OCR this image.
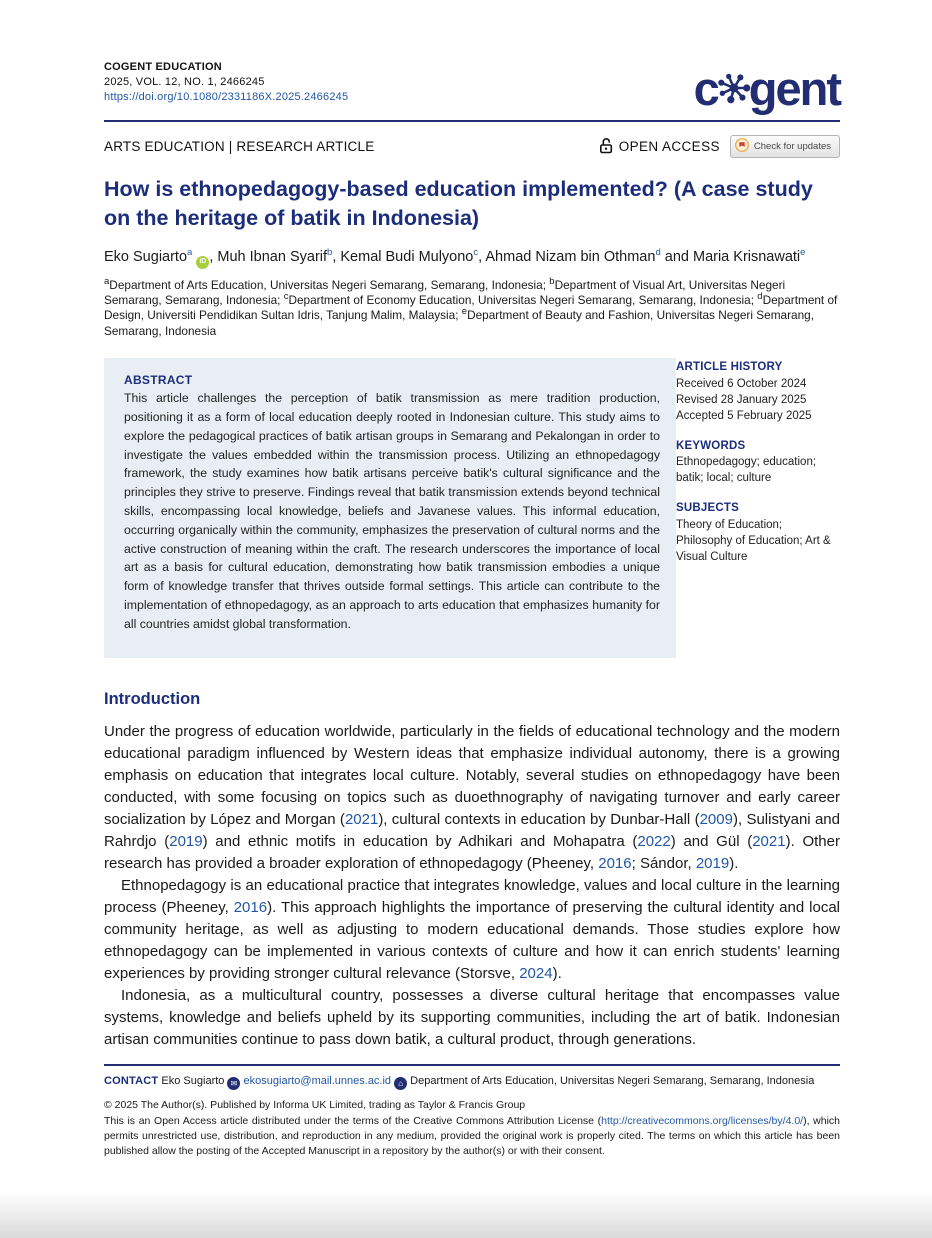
COGENT EDUCATION
2025, VOL. 12, NO. 1, 2466245
https://doi.org/10.1080/2331186X.2025.2466245	c gent
ARTS EDUCATION | RESEARCH ARTICLE	OPEN ACCESS	Check for updates
How is ethnopedagogy-based education implemented? (A case study on the heritage of batik in Indonesia)
Eko Sugiarto$^a$ iD , Muh Ibnan Syarif$^b$, Kemal Budi Mulyono$^c$, Ahmad Nizam bin Othman$^d$ and Maria Krisnawati$^e$
$^a$Department of Arts Education, Universitas Negeri Semarang, Semarang, Indonesia; $^b$Department of Visual Art, Universitas Negeri Semarang, Semarang, Indonesia; $^c$Department of Economy Education, Universitas Negeri Semarang, Semarang, Indonesia; $^d$Department of Design, Universiti Pendidikan Sultan Idris, Tanjung Malim, Malaysia; $^e$Department of Beauty and Fashion, Universitas Negeri Semarang, Semarang, Indonesia
ABSTRACT
This article challenges the perception of batik transmission as mere tradition production, positioning it as a form of local education deeply rooted in Indonesian culture. This study aims to explore the pedagogical practices of batik artisan groups in Semarang and Pekalongan in order to investigate the values embedded within the transmission process. Utilizing an ethnopedagogy framework, the study examines how batik artisans perceive batik's cultural significance and the principles they strive to preserve. Findings reveal that batik transmission extends beyond technical skills, encompassing local knowledge, beliefs and Javanese values. This informal education, occurring organically within the community, emphasizes the preservation of cultural norms and the active construction of meaning within the craft. The research underscores the importance of local art as a basis for cultural education, demonstrating how batik transmission embodies a unique form of knowledge transfer that thrives outside formal settings. This article can contribute to the implementation of ethnopedagogy, as an approach to arts education that emphasizes humanity for all countries amidst global transformation.
ARTICLE HISTORY
Received 6 October 2024
Revised 28 January 2025
Accepted 5 February 2025
KEYWORDS
Ethnopedagogy; education; batik; local; culture
SUBJECTS
Theory of Education; Philosophy of Education; Art & Visual Culture
Introduction

Under the progress of education worldwide, particularly in the fields of educational technology and the modern educational paradigm influenced by Western ideas that emphasize individual autonomy, there is a growing emphasis on education that integrates local culture. Notably, several studies on ethnopedagogy have been conducted, with some focusing on topics such as duoethnography of navigating turnover and early career socialization by López and Morgan (2021), cultural contexts in education by Dunbar-Hall (2009), Sulistyani and Rahrdjo (2019) and ethnic motifs in education by Adhikari and Mohapatra (2022) and Gül (2021). Other research has provided a broader exploration of ethnopedagogy (Pheeney, 2016; Sándor, 2019).

Ethnopedagogy is an educational practice that integrates knowledge, values and local culture in the learning process (Pheeney, 2016). This approach highlights the importance of preserving the cultural identity and local community heritage, as well as adjusting to modern educational demands. Those studies explore how ethnopedagogy can be implemented in various contexts of culture and how it can enrich students' learning experiences by providing stronger cultural relevance (Storsve, 2024).

Indonesia, as a multicultural country, possesses a diverse cultural heritage that encompasses value systems, knowledge and beliefs upheld by its supporting communities, including the art of batik. Indonesian artisan communities continue to pass down batik, a cultural product, through generations.

CONTACT Eko Sugiarto ✉ ekosugiarto@mail.unnes.ac.id ⌂ Department of Arts Education, Universitas Negeri Semarang, Semarang, Indonesia
© 2025 The Author(s). Published by Informa UK Limited, trading as Taylor & Francis Group
This is an Open Access article distributed under the terms of the Creative Commons Attribution License (http://creativecommons.org/licenses/by/4.0/), which permits unrestricted use, distribution, and reproduction in any medium, provided the original work is properly cited. The terms on which this article has been published allow the posting of the Accepted Manuscript in a repository by the author(s) or with their consent.
